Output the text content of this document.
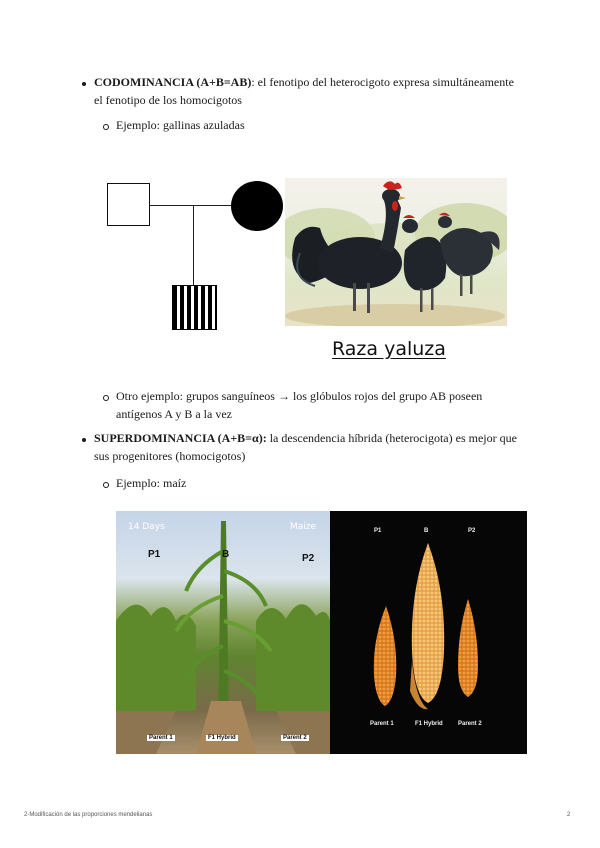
CODOMINANCIA (A+B=AB): el fenotipo del heterocigoto expresa simultáneamente
el fenotipo de los homocigotos
Ejemplo: gallinas azuladas
Raza yaluza
Otro ejemplo: grupos sanguíneos → los glóbulos rojos del grupo AB poseen
antígenos A y B a la vez
SUPERDOMINANCIA (A+B=α): la descendencia híbrida (heterocigota) es mejor que
sus progenitores (homocigotos)
Ejemplo: maíz
14 Days	Maize
P1	B	P2
Parent 1	F1 Hybrid	Parent 2
P1	B	P2
Parent 1	F1 Hybrid	Parent 2
2-Modificación de las proporciones mendelianas	2
